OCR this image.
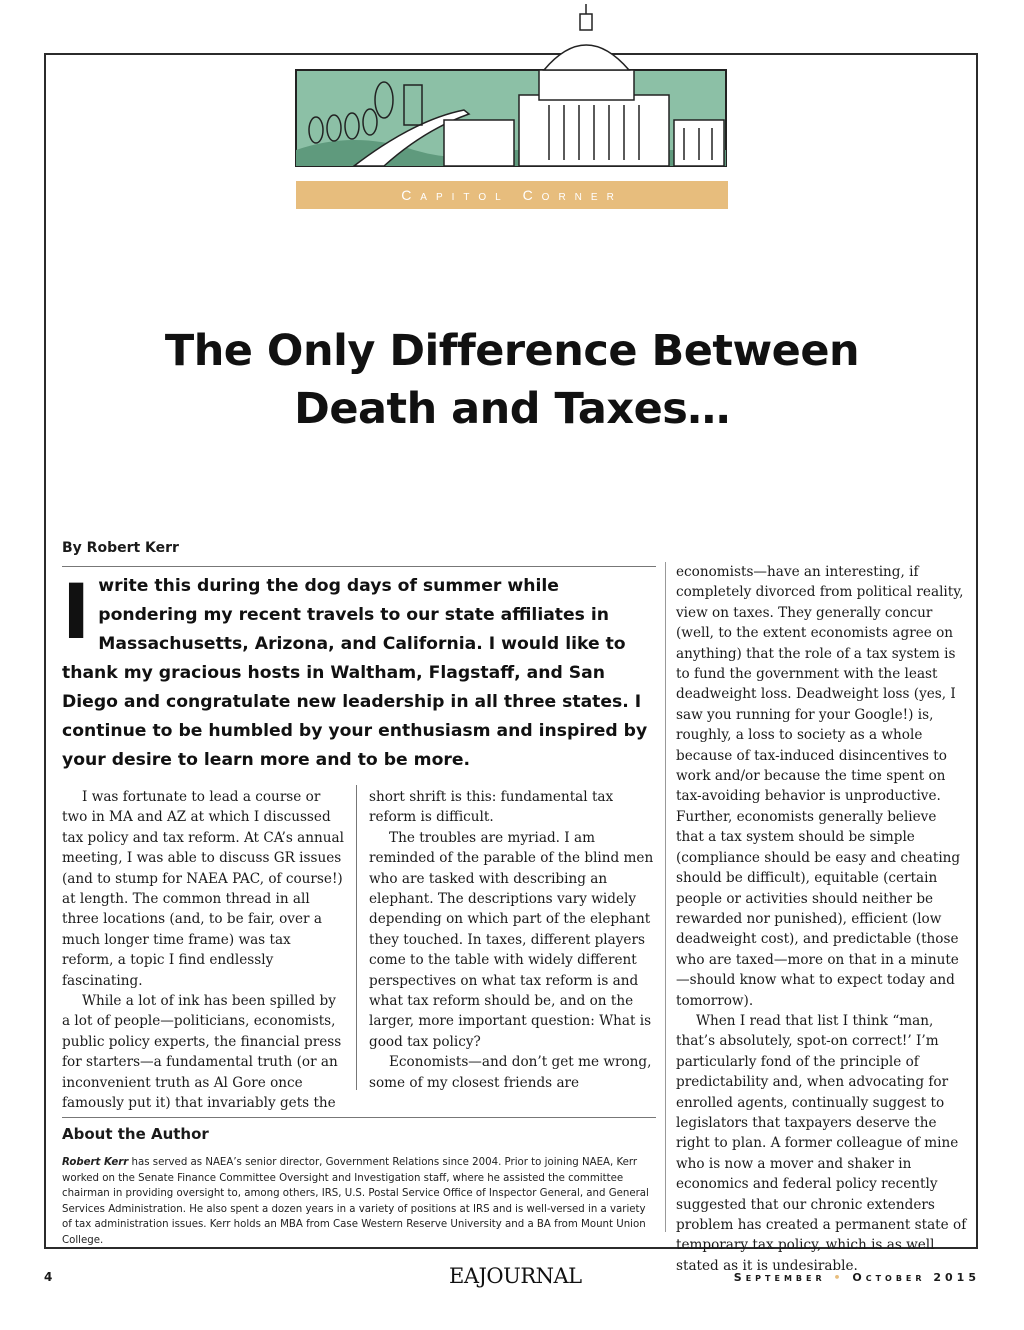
Capitol Corner
The Only Difference Between
Death and Taxes…
By Robert Kerr
I write this during the dog days of summer while pondering my recent travels to our state affiliates in Massachusetts, Arizona, and California. I would like to thank my gracious hosts in Waltham, Flagstaff, and San Diego and congratulate new leadership in all three states. I continue to be humbled by your enthusiasm and inspired by your desire to learn more and to be more.

I was fortunate to lead a course or two in MA and AZ at which I discussed tax policy and tax reform. At CA’s annual meeting, I was able to discuss GR issues (and to stump for NAEA PAC, of course!) at length. The common thread in all three locations (and, to be fair, over a much longer time frame) was tax reform, a topic I find endlessly fascinating.

While a lot of ink has been spilled by a lot of people—politicians, economists, public policy experts, the financial press for starters—a fundamental truth (or an inconvenient truth as Al Gore once famously put it) that invariably gets the

short shrift is this: fundamental tax reform is difficult.

The troubles are myriad. I am reminded of the parable of the blind men who are tasked with describing an elephant. The descriptions vary widely depending on which part of the elephant they touched. In taxes, different players come to the table with widely different perspectives on what tax reform is and what tax reform should be, and on the larger, more important question: What is good tax policy?

Economists—and don’t get me wrong, some of my closest friends are

economists—have an interesting, if completely divorced from political reality, view on taxes. They generally concur (well, to the extent economists agree on anything) that the role of a tax system is to fund the government with the least deadweight loss. Deadweight loss (yes, I saw you running for your Google!) is, roughly, a loss to society as a whole because of tax-induced disincentives to work and/or because the time spent on tax-avoiding behavior is unproductive. Further, economists generally believe that a tax system should be simple (compliance should be easy and cheating should be difficult), equitable (certain people or activities should neither be rewarded nor punished), efficient (low deadweight cost), and predictable (those who are taxed—more on that in a minute—should know what to expect today and tomorrow).

When I read that list I think “man, that’s absolutely, spot-on correct!’ I’m particularly fond of the principle of predictability and, when advocating for enrolled agents, continually suggest to legislators that taxpayers deserve the right to plan. A former colleague of mine who is now a mover and shaker in economics and federal policy recently suggested that our chronic extenders problem has created a permanent state of temporary tax policy, which is as well stated as it is undesirable.

About the Author
Robert Kerr has served as NAEA’s senior director, Government Relations since 2004. Prior to joining NAEA, Kerr worked on the Senate Finance Committee Oversight and Investigation staff, where he assisted the committee chairman in providing oversight to, among others, IRS, U.S. Postal Service Office of Inspector General, and General Services Administration. He also spent a dozen years in a variety of positions at IRS and is well-versed in a variety of tax administration issues. Kerr holds an MBA from Case Western Reserve University and a BA from Mount Union College.
4	EAJOURNAL	September • October 2015
